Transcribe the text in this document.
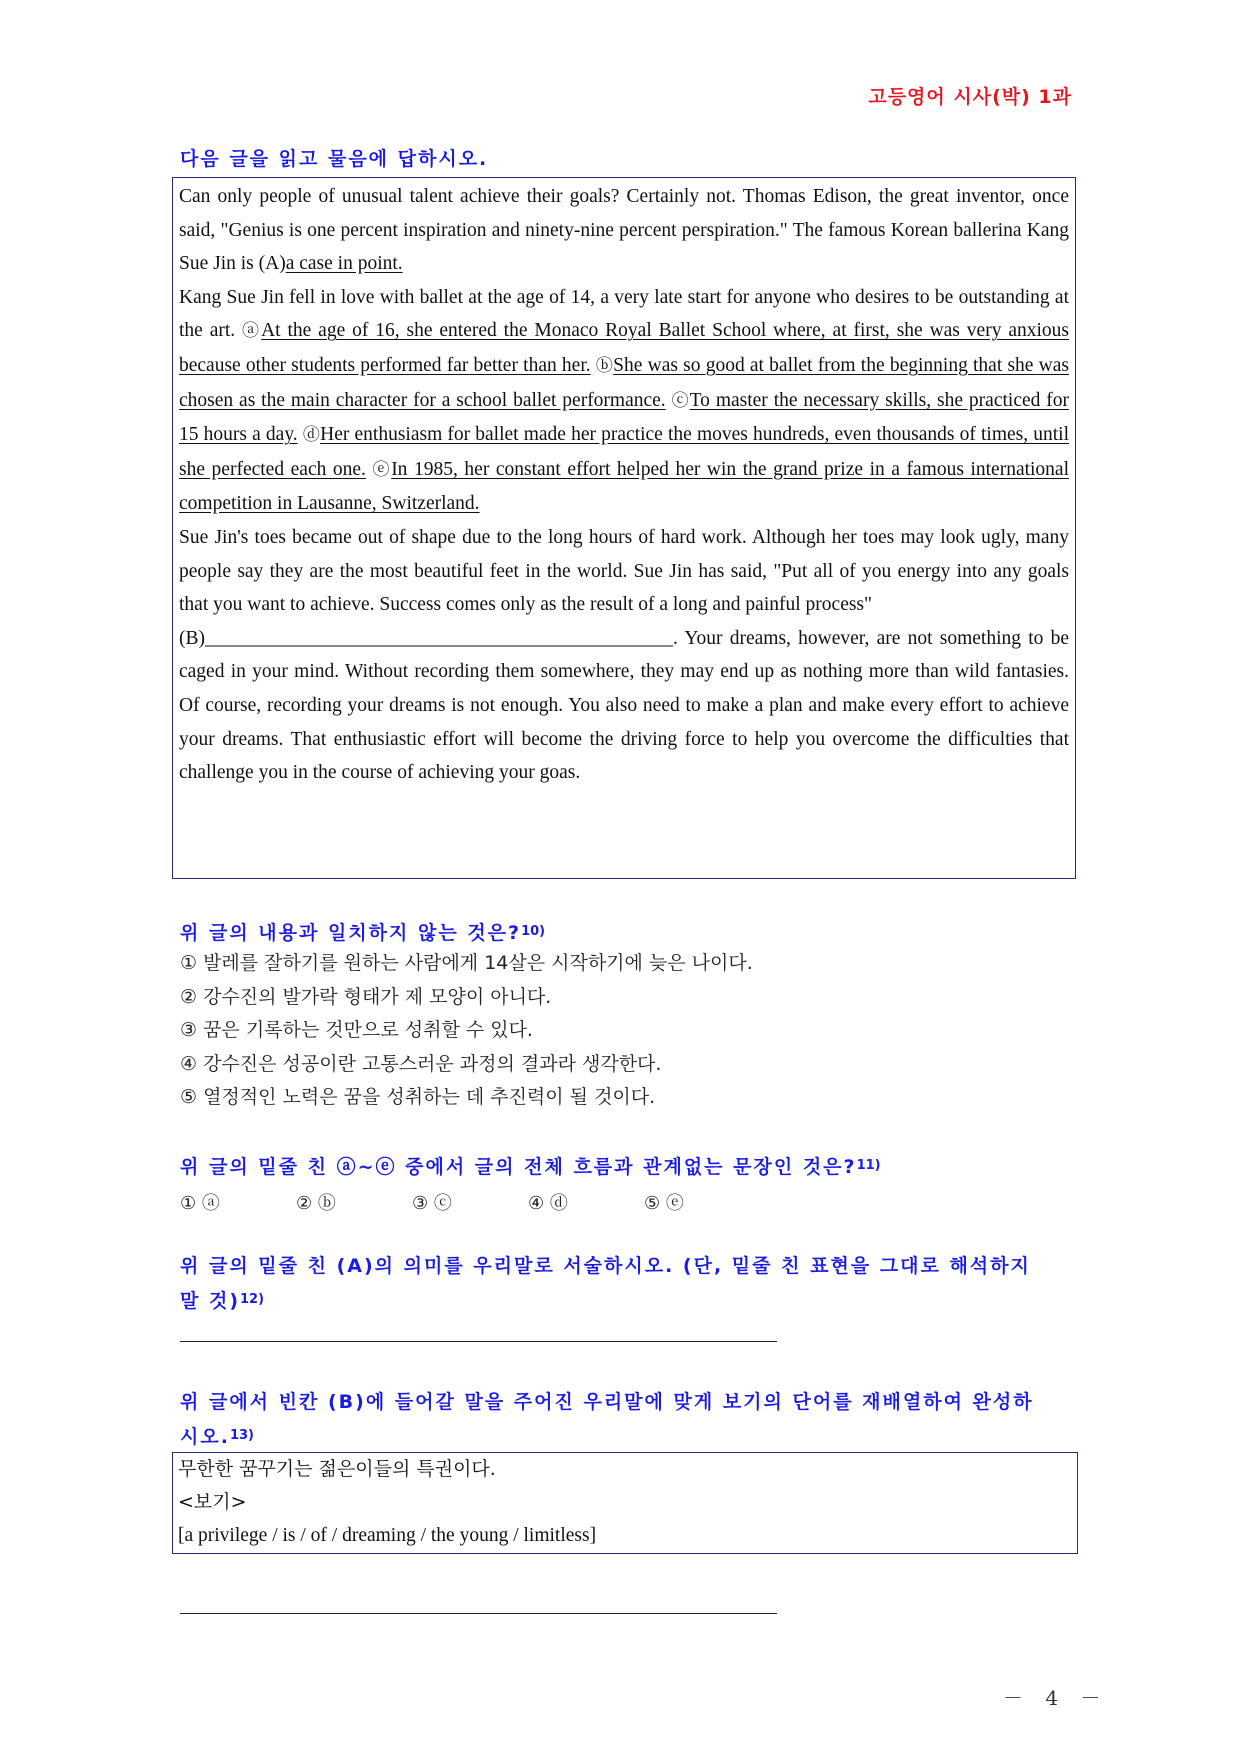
고등영어 시사(박) 1과
다음 글을 읽고 물음에 답하시오.

Can only people of unusual talent achieve their goals? Certainly not. Thomas Edison, the great inventor, once said, "Genius is one percent inspiration and ninety-nine percent perspiration." The famous Korean ballerina Kang Sue Jin is (A)a case in point.

Kang Sue Jin fell in love with ballet at the age of 14, a very late start for anyone who desires to be outstanding at the art. ⓐAt the age of 16, she entered the Monaco Royal Ballet School where, at first, she was very anxious because other students performed far better than her. ⓑShe was so good at ballet from the beginning that she was chosen as the main character for a school ballet performance. ⓒTo master the necessary skills, she practiced for 15 hours a day. ⓓHer enthusiasm for ballet made her practice the moves hundreds, even thousands of times, until she perfected each one. ⓔIn 1985, her constant effort helped her win the grand prize in a famous international competition in Lausanne, Switzerland.

Sue Jin's toes became out of shape due to the long hours of hard work. Although her toes may look ugly, many people say they are the most beautiful feet in the world. Sue Jin has said, "Put all of you energy into any goals that you want to achieve. Success comes only as the result of a long and painful process"

(B)________________________________________________. Your dreams, however, are not something to be caged in your mind. Without recording them somewhere, they may end up as nothing more than wild fantasies. Of course, recording your dreams is not enough. You also need to make a plan and make every effort to achieve your dreams. That enthusiastic effort will become the driving force to help you overcome the difficulties that challenge you in the course of achieving your goas.

위 글의 내용과 일치하지 않는 것은?$^{10)}$
① 발레를 잘하기를 원하는 사람에게 14살은 시작하기에 늦은 나이다.
② 강수진의 발가락 형태가 제 모양이 아니다.
③ 꿈은 기록하는 것만으로 성취할 수 있다.
④ 강수진은 성공이란 고통스러운 과정의 결과라 생각한다.
⑤ 열정적인 노력은 꿈을 성취하는 데 추진력이 될 것이다.
위 글의 밑줄 친 ⓐ~ⓔ 중에서 글의 전체 흐름과 관계없는 문장인 것은?$^{11)}$
① ⓐ	② ⓑ	③ ⓒ	④ ⓓ	⑤ ⓔ
위 글의 밑줄 친 (A)의 의미를 우리말로 서술하시오. (단, 밑줄 친 표현을 그대로 해석하지
말 것)$^{12)}$
위 글에서 빈칸 (B)에 들어갈 말을 주어진 우리말에 맞게 보기의 단어를 재배열하여 완성하
시오.$^{13)}$
무한한 꿈꾸기는 젊은이들의 특권이다.
<보기>
[a privilege / is / of / dreaming / the young / limitless]
－ 4 －
